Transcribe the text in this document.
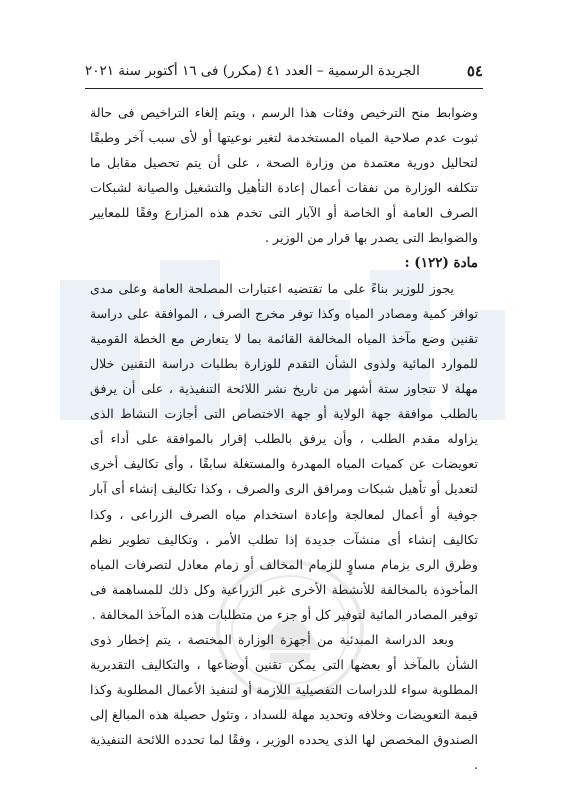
٥٤
الجريدة الرسمية – العدد ٤١ (مكرر) فى ١٦ أكتوبر سنة ٢٠٢١

وضوابط منح الترخيص وفئات هذا الرسم ، ويتم إلغاء التراخيص فى حالة ثبوت عدم صلاحية المياه المستخدمة لتغير نوعيتها أو لأى سبب آخر وطبقًا لتحاليل دورية معتمدة من وزارة الصحة ، على أن يتم تحصيل مقابل ما تتكلفه الوزارة من نفقات أعمال إعادة التأهيل والتشغيل والصيانة لشبكات الصرف العامة أو الخاصة أو الآبار التى تخدم هذه المزارع وفقًا للمعايير والضوابط التى يصدر بها قرار من الوزير .

مادة (١٢٢) :

يجوز للوزير بناءً على ما تقتضيه اعتبارات المصلحة العامة وعلى مدى توافر كمية ومصادر المياه وكذا توفر مخرج الصرف ، الموافقة على دراسة تقنين وضع مآخذ المياه المخالفة القائمة بما لا يتعارض مع الخطة القومية للموارد المائية ولذوى الشأن التقدم للوزارة بطلبات دراسة التقنين خلال مهلة لا تتجاوز ستة أشهر من تاريخ نشر اللائحة التنفيذية ، على أن يرفق بالطلب موافقة جهة الولاية أو جهة الاختصاص التى أجازت النشاط الذى يزاوله مقدم الطلب ، وأن يرفق بالطلب إقرار بالموافقة على أداء أى تعويضات عن كميات المياه المهدرة والمستغلة سابقًا ، وأى تكاليف أخرى لتعديل أو تأهيل شبكات ومرافق الرى والصرف ، وكذا تكاليف إنشاء أى آبار جوفية أو أعمال لمعالجة وإعادة استخدام مياه الصرف الزراعى ، وكذا تكاليف إنشاء أى منشآت جديدة إذا تطلب الأمر ، وتكاليف تطوير نظم وطرق الرى بزمام مساوٍ للزمام المخالف أو زمام معادل لتصرفات المياه المأخوذة بالمخالفة للأنشطة الأخرى غير الزراعية وكل ذلك للمساهمة فى توفير المصادر المائية لتوفير كل أو جزء من متطلبات هذه المآخذ المخالفة .

وبعد الدراسة المبدئية من أجهزة الوزارة المختصة ، يتم إخطار ذوى الشأن بالمآخذ أو بعضها التى يمكن تقنين أوضاعها ، والتكاليف التقديرية المطلوبة سواء للدراسات التفصيلية اللازمة أو لتنفيذ الأعمال المطلوبة وكذا قيمة التعويضات وخلافه وتحديد مهلة للسداد ، وتئول حصيلة هذه المبالغ إلى الصندوق المخصص لها الذى يحدده الوزير ، وفقًا لما تحدده اللائحة التنفيذية .
